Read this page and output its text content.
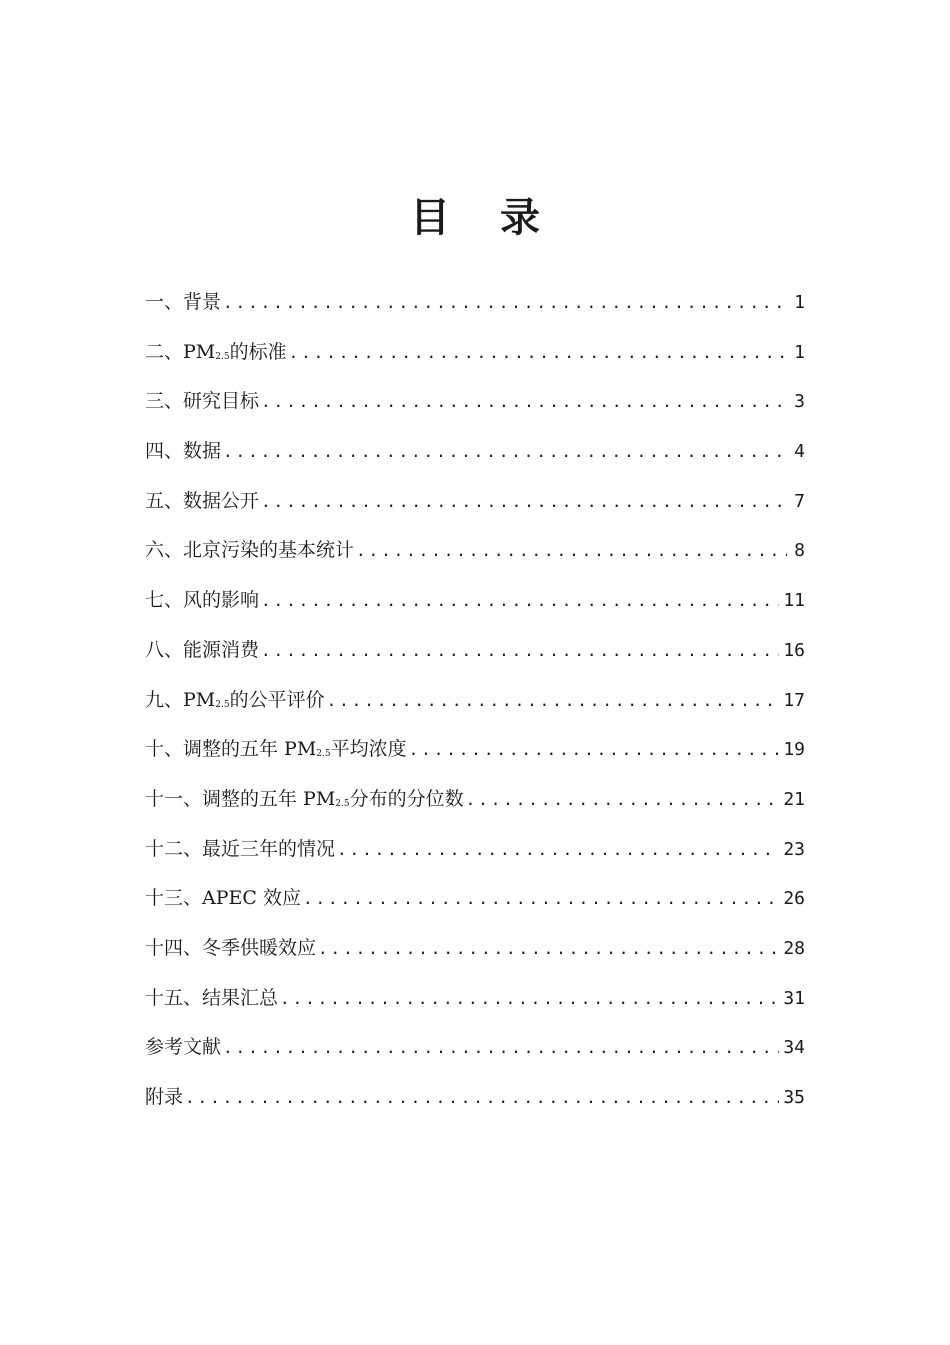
目 录
一、背景 .....	1
二、$PM_{2.5}$的标准 .....	1
三、研究目标 .....	3
四、数据 .....	4
五、数据公开 .....	7
六、北京污染的基本统计 .....	8
七、风的影响 .....	11
八、能源消费 .....	16
九、$PM_{2.5}$的公平评价 .....	17
十、调整的五年 $PM_{2.5}$平均浓度 .....	19
十一、调整的五年 $PM_{2.5}$分布的分位数 .....	21
十二、最近三年的情况 .....	23
十三、APEC 效应 .....	26
十四、冬季供暖效应 .....	28
十五、结果汇总 .....	31
参考文献 .....	34
附录 .....	35
